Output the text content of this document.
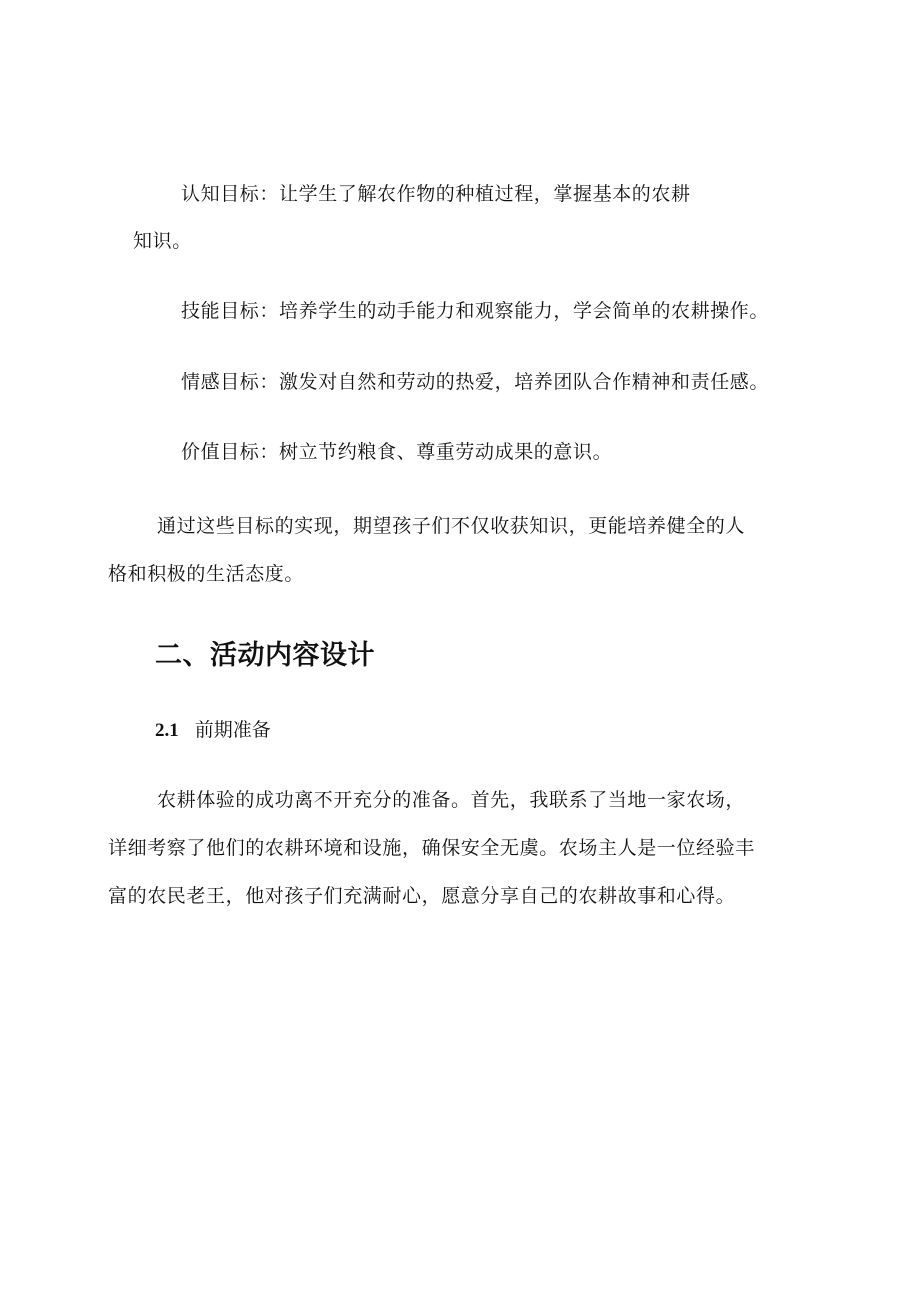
认知目标：让学生了解农作物的种植过程，掌握基本的农耕
知识。
技能目标：培养学生的动手能力和观察能力，学会简单的农耕操作。
情感目标：激发对自然和劳动的热爱，培养团队合作精神和责任感。
价值目标：树立节约粮食、尊重劳动成果的意识。
通过这些目标的实现，期望孩子们不仅收获知识，更能培养健全的人
格和积极的生活态度。
二、活动内容设计
2.1 前期准备
农耕体验的成功离不开充分的准备。首先，我联系了当地一家农场，
详细考察了他们的农耕环境和设施，确保安全无虞。农场主人是一位经验丰
富的农民老王，他对孩子们充满耐心，愿意分享自己的农耕故事和心得。
